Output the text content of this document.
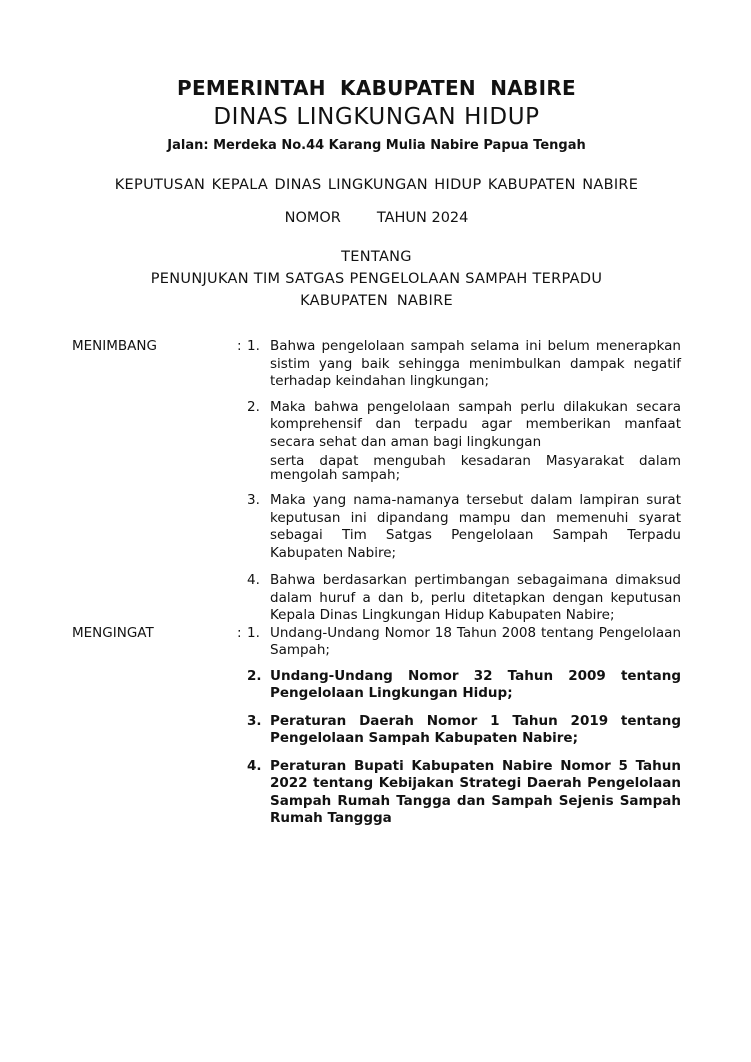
PEMERINTAH KABUPATEN NABIRE
DINAS LINGKUNGAN HIDUP
Jalan: Merdeka No.44 Karang Mulia Nabire Papua Tengah
KEPUTUSAN KEPALA DINAS LINGKUNGAN HIDUP KABUPATEN NABIRE
NOMOR TAHUN 2024
TENTANG
PENUNJUKAN TIM SATGAS PENGELOLAAN SAMPAH TERPADU
KABUPATEN NABIRE
MENIMBANG	: 1. Bahwa pengelolaan sampah selama ini belum menerapkan sistim yang baik sehingga menimbulkan dampak negatif terhadap keindahan lingkungan;
2. Maka bahwa pengelolaan sampah perlu dilakukan secara komprehensif dan terpadu agar memberikan manfaat secara sehat dan aman bagi lingkungan
serta dapat mengubah kesadaran Masyarakat dalam mengolah sampah;
3. Maka yang nama-namanya tersebut dalam lampiran surat keputusan ini dipandang mampu dan memenuhi syarat sebagai Tim Satgas Pengelolaan Sampah Terpadu Kabupaten Nabire;
4. Bahwa berdasarkan pertimbangan sebagaimana dimaksud dalam huruf a dan b, perlu ditetapkan dengan keputusan Kepala Dinas Lingkungan Hidup Kabupaten Nabire;
MENGINGAT	: 1. Undang-Undang Nomor 18 Tahun 2008 tentang Pengelolaan Sampah;
2. Undang-Undang Nomor 32 Tahun 2009 tentang Pengelolaan Lingkungan Hidup;
3. Peraturan Daerah Nomor 1 Tahun 2019 tentang Pengelolaan Sampah Kabupaten Nabire;
4. Peraturan Bupati Kabupaten Nabire Nomor 5 Tahun 2022 tentang Kebijakan Strategi Daerah Pengelolaan Sampah Rumah Tangga dan Sampah Sejenis Sampah Rumah Tanggga
